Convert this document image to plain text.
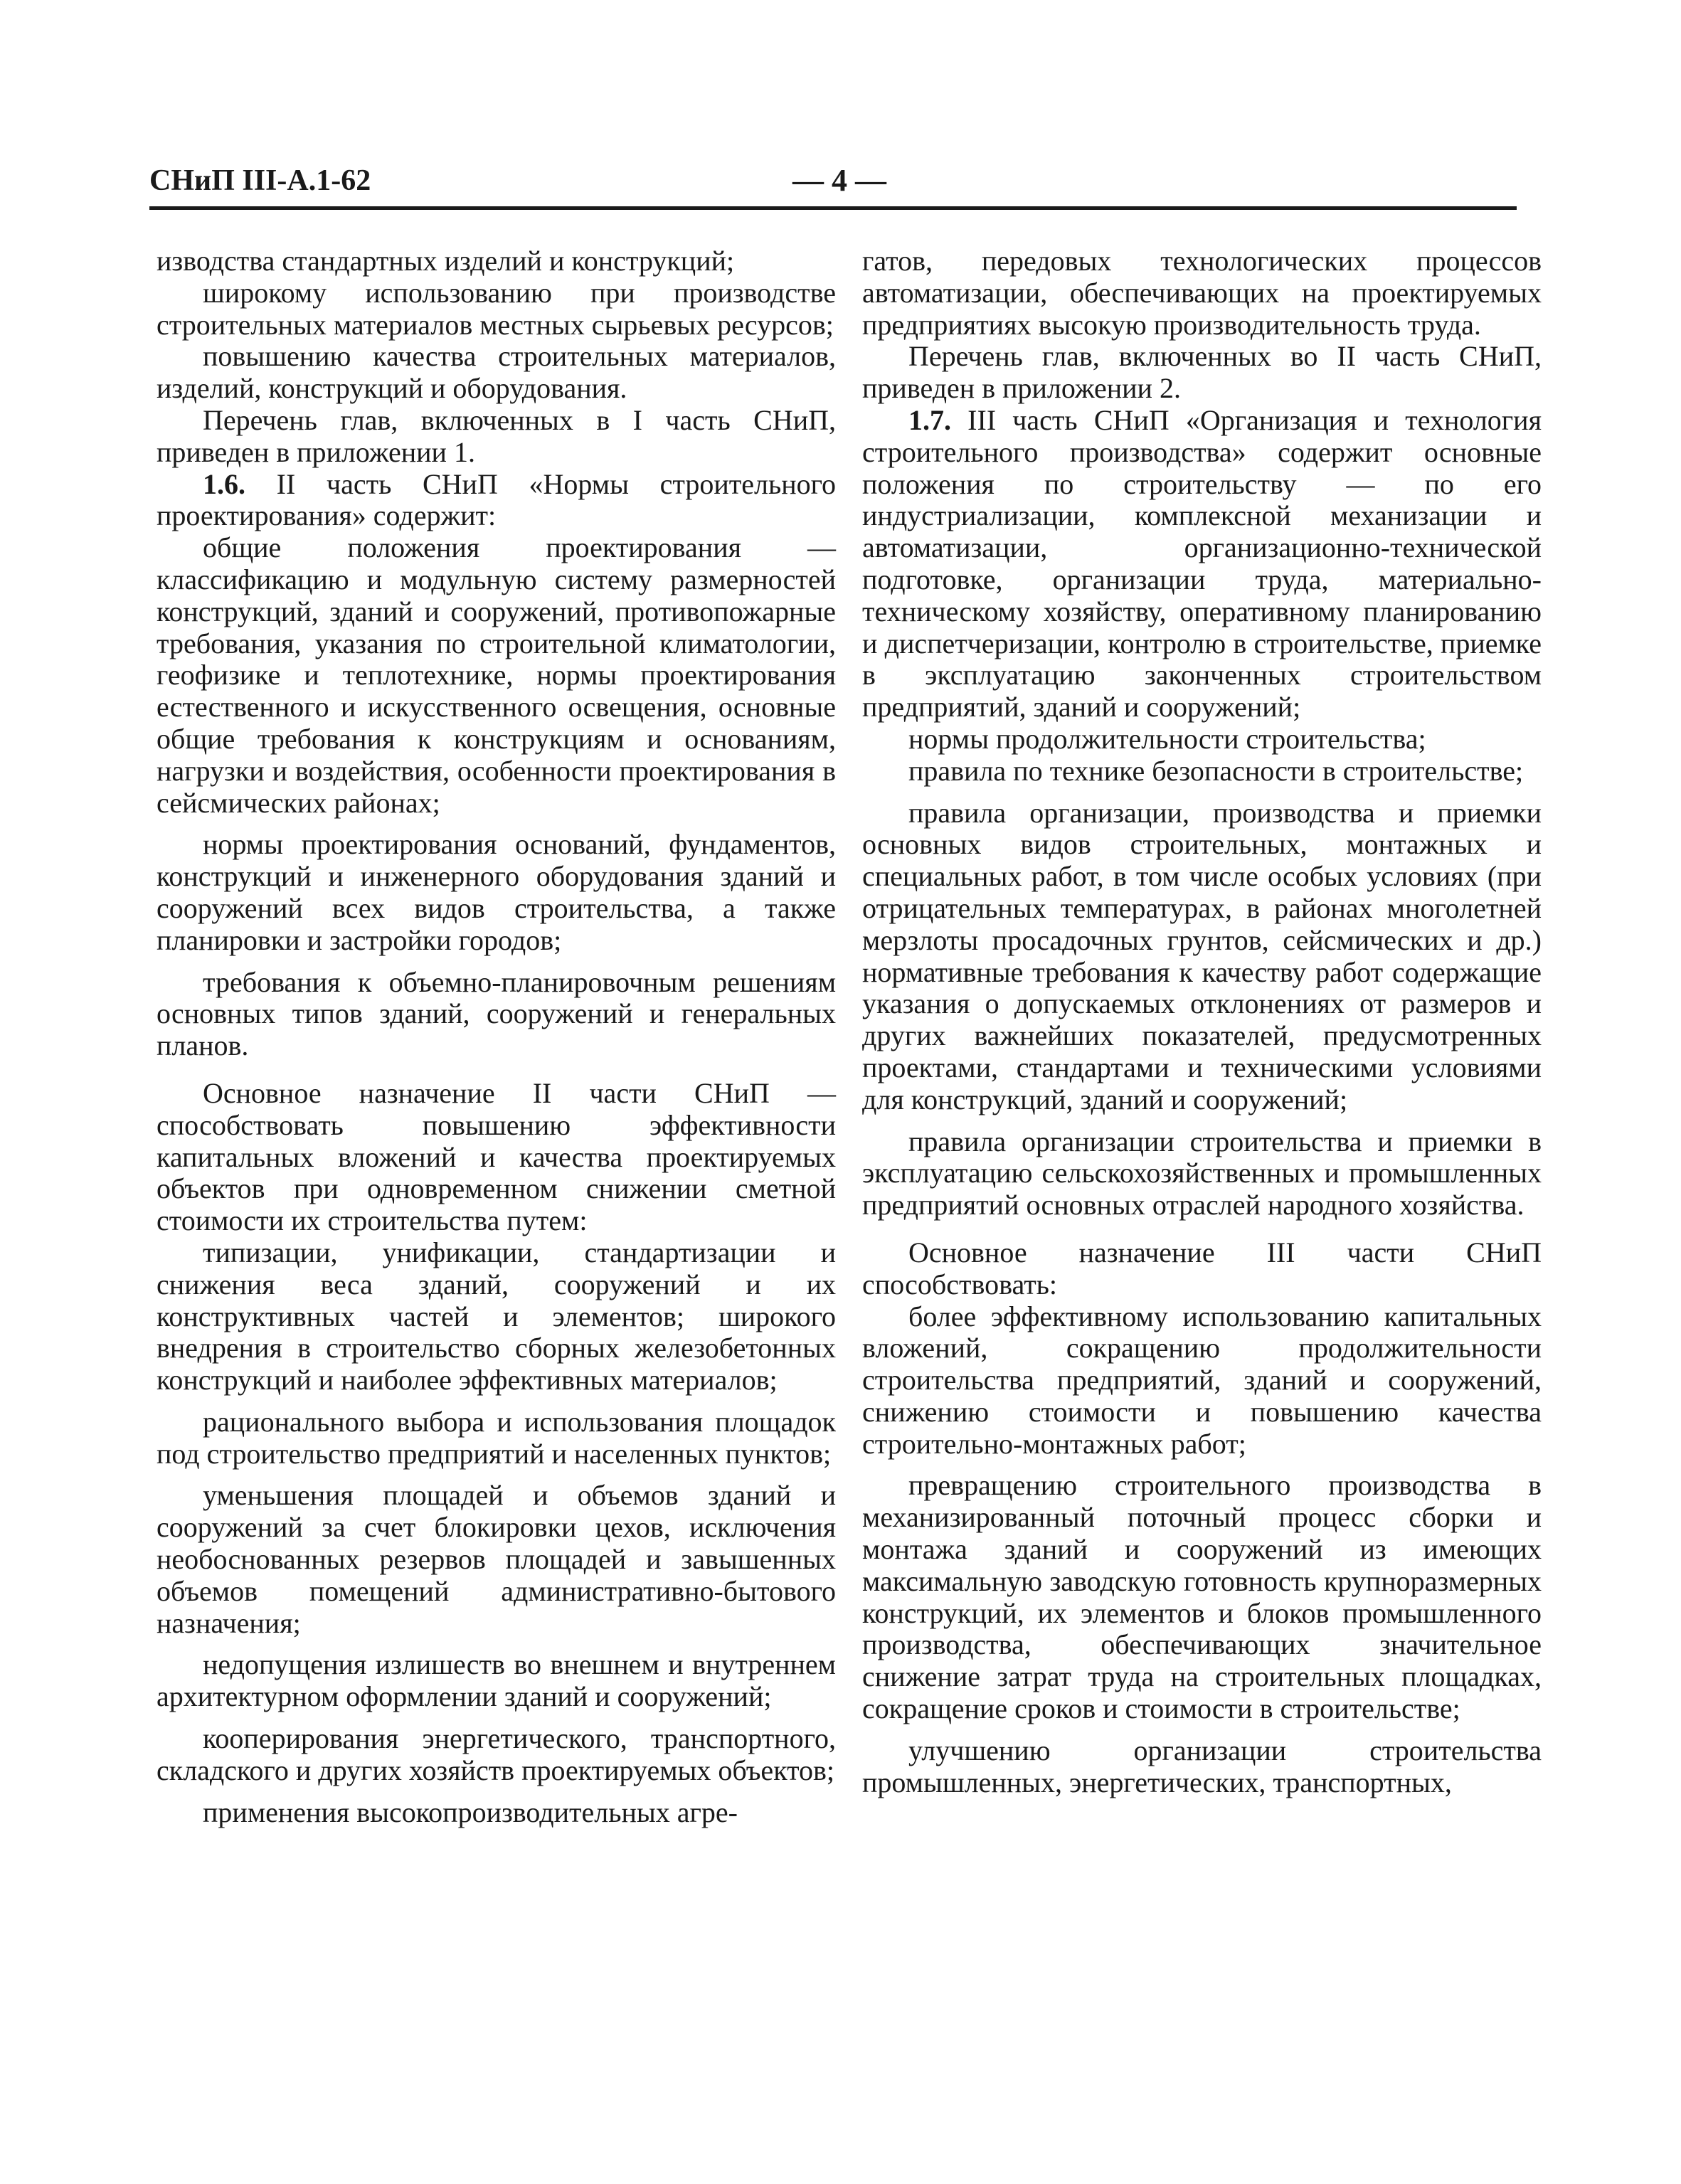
СНиП III-A.1-62	— 4 —

изводства стандартных изделий и конструкций;

широкому использованию при производстве строительных материалов местных сырьевых ресурсов;

повышению качества строительных материалов, изделий, конструкций и оборудования.

Перечень глав, включенных в I часть СНиП, приведен в приложении 1.

1.6. II часть СНиП «Нормы строительного проектирования» содержит:

общие положения проектирования — классификацию и модульную систему размерностей конструкций, зданий и сооружений, противопожарные требования, указания по строительной климатологии, геофизике и теплотехнике, нормы проектирования естественного и искусственного освещения, основные общие требования к конструкциям и основаниям, нагрузки и воздействия, особенности проектирования в сейсмических районах;

нормы проектирования оснований, фундаментов, конструкций и инженерного оборудования зданий и сооружений всех видов строительства, а также планировки и застройки городов;

требования к объемно-планировочным решениям основных типов зданий, сооружений и генеральных планов.

Основное назначение II части СНиП — способствовать повышению эффективности капитальных вложений и качества проектируемых объектов при одновременном снижении сметной стоимости их строительства путем:

типизации, унификации, стандартизации и снижения веса зданий, сооружений и их конструктивных частей и элементов; широкого внедрения в строительство сборных железобетонных конструкций и наиболее эффективных материалов;

рационального выбора и использования площадок под строительство предприятий и населенных пунктов;

уменьшения площадей и объемов зданий и сооружений за счет блокировки цехов, исключения необоснованных резервов площадей и завышенных объемов помещений административно-бытового назначения;

недопущения излишеств во внешнем и внутреннем архитектурном оформлении зданий и сооружений;

кооперирования энергетического, транспортного, складского и других хозяйств проектируемых объектов;

применения высокопроизводительных агре-

гатов, передовых технологических процессов автоматизации, обеспечивающих на проектируемых предприятиях высокую производительность труда.

Перечень глав, включенных во II часть СНиП, приведен в приложении 2.

1.7. III часть СНиП «Организация и технология строительного производства» содержит основные положения по строительству — по его индустриализации, комплексной механизации и автоматизации, организационно-технической подготовке, организации труда, материально-техническому хозяйству, оперативному планированию и диспетчеризации, контролю в строительстве, приемке в эксплуатацию законченных строительством предприятий, зданий и сооружений;

нормы продолжительности строительства;

правила по технике безопасности в строительстве;

правила организации, производства и приемки основных видов строительных, монтажных и специальных работ, в том числе особых условиях (при отрицательных температурах, в районах многолетней мерзлоты просадочных грунтов, сейсмических и др.) нормативные требования к качеству работ содержащие указания о допускаемых отклонениях от размеров и других важнейших показателей, предусмотренных проектами, стандартами и техническими условиями для конструкций, зданий и сооружений;

правила организации строительства и приемки в эксплуатацию сельскохозяйственных и промышленных предприятий основных отраслей народного хозяйства.

Основное назначение III части СНиП способствовать:

более эффективному использованию капитальных вложений, сокращению продолжительности строительства предприятий, зданий и сооружений, снижению стоимости и повышению качества строительно-монтажных работ;

превращению строительного производства в механизированный поточный процесс сборки и монтажа зданий и сооружений из имеющих максимальную заводскую готовность крупноразмерных конструкций, их элементов и блоков промышленного производства, обеспечивающих значительное снижение затрат труда на строительных площадках, сокращение сроков и стоимости в строительстве;

улучшению организации строительства промышленных, энергетических, транспортных,
